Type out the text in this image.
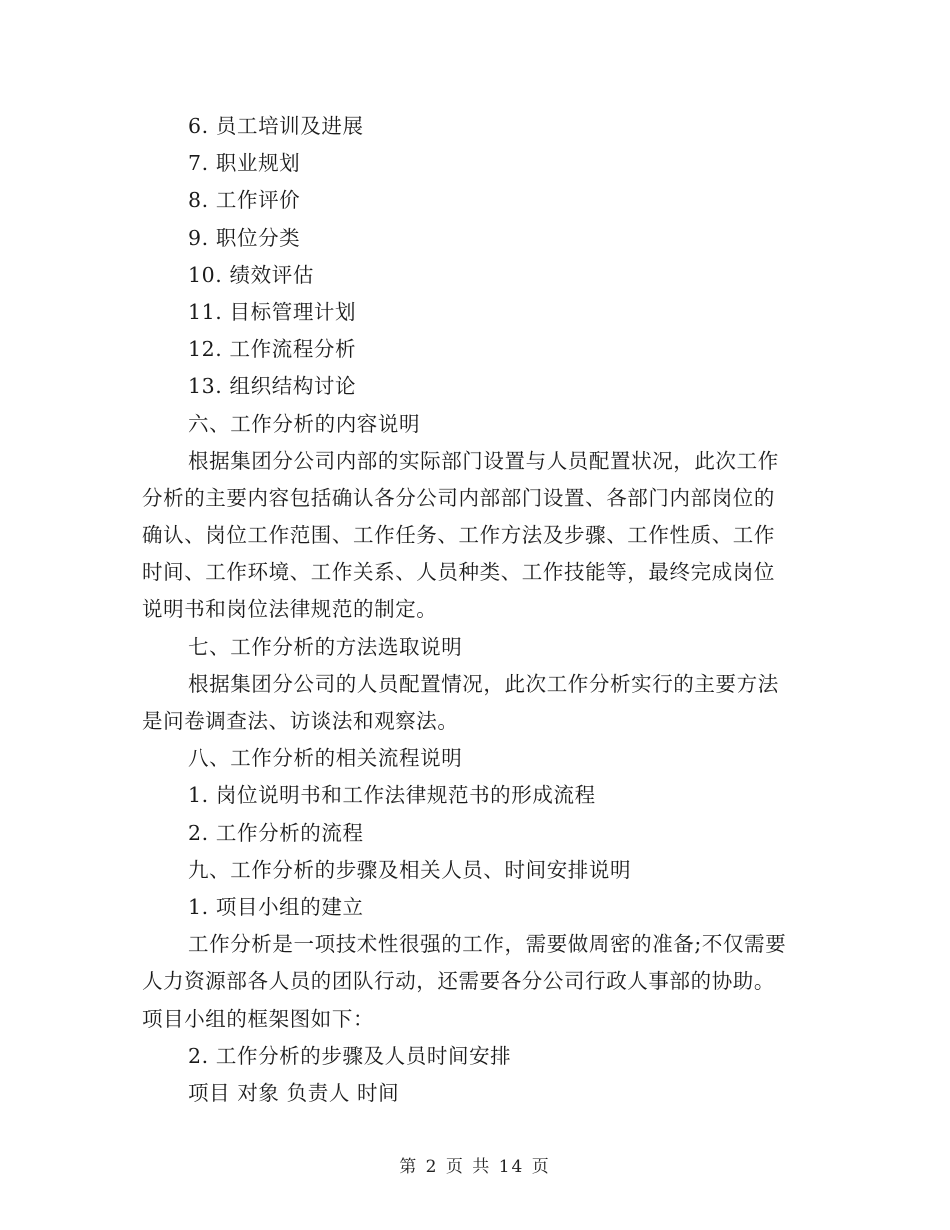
6. 员工培训及进展
7. 职业规划
8. 工作评价
9. 职位分类
10. 绩效评估
11. 目标管理计划
12. 工作流程分析
13. 组织结构讨论
六、工作分析的内容说明
根据集团分公司内部的实际部门设置与人员配置状况，此次工作
分析的主要内容包括确认各分公司内部部门设置、各部门内部岗位的
确认、岗位工作范围、工作任务、工作方法及步骤、工作性质、工作
时间、工作环境、工作关系、人员种类、工作技能等，最终完成岗位
说明书和岗位法律规范的制定。
七、工作分析的方法选取说明
根据集团分公司的人员配置情况，此次工作分析实行的主要方法
是问卷调查法、访谈法和观察法。
八、工作分析的相关流程说明
1. 岗位说明书和工作法律规范书的形成流程
2. 工作分析的流程
九、工作分析的步骤及相关人员、时间安排说明
1. 项目小组的建立
工作分析是一项技术性很强的工作，需要做周密的准备;不仅需要
人力资源部各人员的团队行动，还需要各分公司行政人事部的协助。
项目小组的框架图如下：
2. 工作分析的步骤及人员时间安排
项目 对象 负责人 时间
第 2 页 共 14 页
